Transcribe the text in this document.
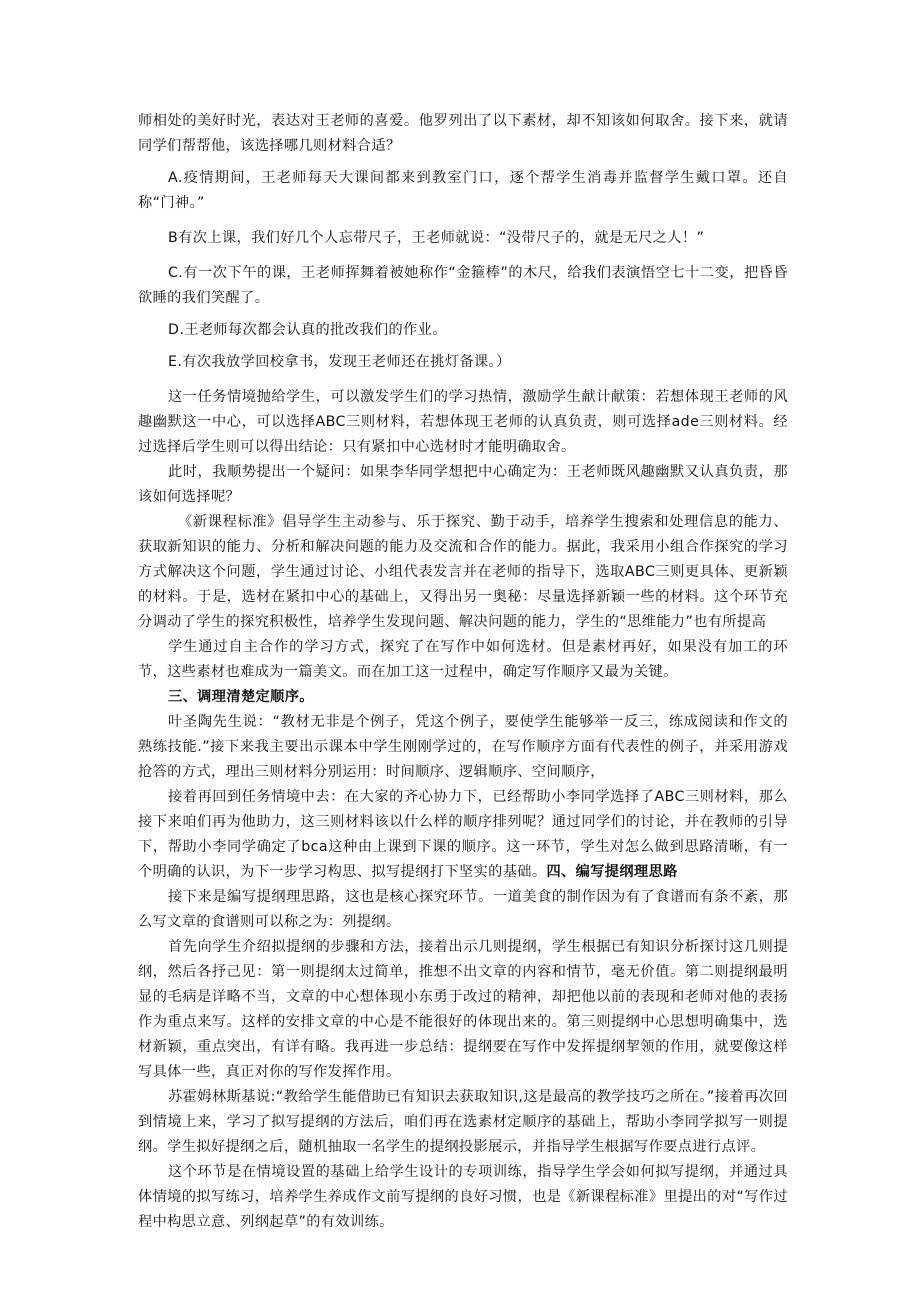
师相处的美好时光，表达对王老师的喜爱。他罗列出了以下素材，却不知该如何取舍。接下来，就请同学们帮帮他，该选择哪几则材料合适？

A.疫情期间，王老师每天大课间都来到教室门口，逐个帮学生消毒并监督学生戴口罩。还自称“门神。”

B有次上课，我们好几个人忘带尺子，王老师就说：“没带尺子的，就是无尺之人！”

C.有一次下午的课，王老师挥舞着被她称作“金箍棒”的木尺，给我们表演悟空七十二变，把昏昏欲睡的我们笑醒了。

D.王老师每次都会认真的批改我们的作业。

E.有次我放学回校拿书，发现王老师还在挑灯备课。）

这一任务情境抛给学生，可以激发学生们的学习热情，激励学生献计献策：若想体现王老师的风趣幽默这一中心，可以选择ABC三则材料，若想体现王老师的认真负责，则可选择ade三则材料。经过选择后学生则可以得出结论：只有紧扣中心选材时才能明确取舍。

此时，我顺势提出一个疑问：如果李华同学想把中心确定为：王老师既风趣幽默又认真负责，那该如何选择呢？

《新课程标准》倡导学生主动参与、乐于探究、勤于动手，培养学生搜索和处理信息的能力、获取新知识的能力、分析和解决问题的能力及交流和合作的能力。据此，我采用小组合作探究的学习方式解决这个问题，学生通过讨论、小组代表发言并在老师的指导下，选取ABC三则更具体、更新颖的材料。于是，选材在紧扣中心的基础上，又得出另一奥秘：尽量选择新颖一些的材料。这个环节充分调动了学生的探究积极性，培养学生发现问题、解决问题的能力，学生的“思维能力”也有所提高

学生通过自主合作的学习方式，探究了在写作中如何选材。但是素材再好，如果没有加工的环节，这些素材也难成为一篇美文。而在加工这一过程中，确定写作顺序又最为关键。

三、调理清楚定顺序。

叶圣陶先生说：“教材无非是个例子，凭这个例子，要使学生能够举一反三，练成阅读和作文的熟练技能.”接下来我主要出示课本中学生刚刚学过的，在写作顺序方面有代表性的例子，并采用游戏抢答的方式，理出三则材料分别运用：时间顺序、逻辑顺序、空间顺序，

接着再回到任务情境中去：在大家的齐心协力下，已经帮助小李同学选择了ABC三则材料，那么接下来咱们再为他助力，这三则材料该以什么样的顺序排列呢？通过同学们的讨论，并在教师的引导下，帮助小李同学确定了bca这种由上课到下课的顺序。这一环节，学生对怎么做到思路清晰，有一个明确的认识，为下一步学习构思、拟写提纲打下坚实的基础。四、编写提纲理思路

接下来是编写提纲理思路，这也是核心探究环节。一道美食的制作因为有了食谱而有条不紊，那么写文章的食谱则可以称之为：列提纲。

首先向学生介绍拟提纲的步骤和方法，接着出示几则提纲，学生根据已有知识分析探讨这几则提纲，然后各抒己见：第一则提纲太过简单，推想不出文章的内容和情节，毫无价值。第二则提纲最明显的毛病是详略不当，文章的中心想体现小东勇于改过的精神，却把他以前的表现和老师对他的表扬作为重点来写。这样的安排文章的中心是不能很好的体现出来的。第三则提纲中心思想明确集中，选材新颖，重点突出，有详有略。我再进一步总结：提纲要在写作中发挥提纲挈领的作用，就要像这样写具体一些，真正对你的写作发挥作用。

苏霍姆林斯基说:“教给学生能借助已有知识去获取知识,这是最高的教学技巧之所在。”接着再次回到情境上来，学习了拟写提纲的方法后，咱们再在选素材定顺序的基础上，帮助小李同学拟写一则提纲。学生拟好提纲之后，随机抽取一名学生的提纲投影展示，并指导学生根据写作要点进行点评。

这个环节是在情境设置的基础上给学生设计的专项训练，指导学生学会如何拟写提纲，并通过具体情境的拟写练习，培养学生养成作文前写提纲的良好习惯，也是《新课程标准》里提出的对“写作过程中构思立意、列纲起草”的有效训练。
